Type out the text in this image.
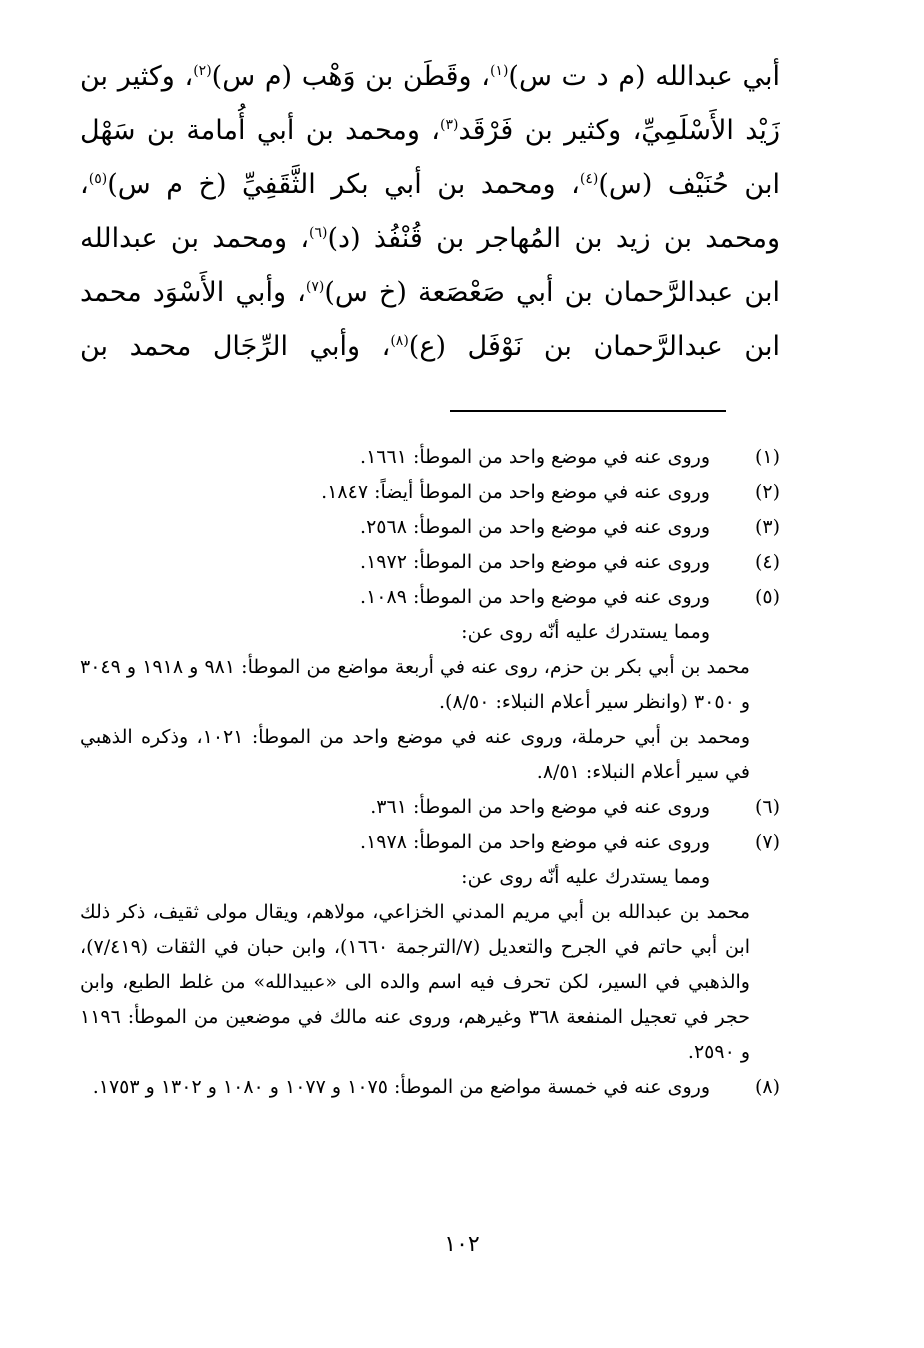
أبي عبدالله (م د ت س)$^{(١)}$، وقَطَن بن وَهْب (م س)$^{(٢)}$، وكثير بن
زَيْد الأَسْلَمِيِّ، وكثير بن فَرْقَد$^{(٣)}$، ومحمد بن أبي أُمامة بن سَهْل
ابن حُنَيْف (س)$^{(٤)}$، ومحمد بن أبي بكر الثَّقَفِيِّ (خ م س)$^{(٥)}$،
ومحمد بن زيد بن المُهاجر بن قُنْفُذ (د)$^{(٦)}$، ومحمد بن عبدالله
ابن عبدالرَّحمان بن أبي صَعْصَعة (خ س)$^{(٧)}$، وأبي الأَسْوَد محمد
ابن عبدالرَّحمان بن نَوْفَل (ع)$^{(٨)}$، وأبي الرِّجَال محمد بن
(١)
وروى عنه في موضع واحد من الموطأ: ١٦٦١.
(٢)
وروى عنه في موضع واحد من الموطأ أيضاً: ١٨٤٧.
(٣)
وروى عنه في موضع واحد من الموطأ: ٢٥٦٨.
(٤)
وروى عنه في موضع واحد من الموطأ: ١٩٧٢.
(٥)
وروى عنه في موضع واحد من الموطأ: ١٠٨٩.
ومما يستدرك عليه أنّه روى عن:
محمد بن أبي بكر بن حزم، روى عنه في أربعة مواضع من الموطأ: ٩٨١ و ١٩١٨ و ٣٠٤٩ و ٣٠٥٠ (وانظر سير أعلام النبلاء: ٨/٥٠).
ومحمد بن أبي حرملة، وروى عنه في موضع واحد من الموطأ: ١٠٢١، وذكره الذهبي في سير أعلام النبلاء: ٨/٥١.
(٦)
وروى عنه في موضع واحد من الموطأ: ٣٦١.
(٧)
وروى عنه في موضع واحد من الموطأ: ١٩٧٨.
ومما يستدرك عليه أنّه روى عن:
محمد بن عبدالله بن أبي مريم المدني الخزاعي، مولاهم، ويقال مولى ثقيف، ذكر ذلك ابن أبي حاتم في الجرح والتعديل (٧/الترجمة ١٦٦٠)، وابن حبان في الثقات (٧/٤١٩)، والذهبي في السير، لكن تحرف فيه اسم والده الى «عبيدالله» من غلط الطبع، وابن حجر في تعجيل المنفعة ٣٦٨ وغيرهم، وروى عنه مالك في موضعين من الموطأ: ١١٩٦ و ٢٥٩٠.
(٨)
وروى عنه في خمسة مواضع من الموطأ: ١٠٧٥ و ١٠٧٧ و ١٠٨٠ و ١٣٠٢ و ١٧٥٣.
١٠٢
